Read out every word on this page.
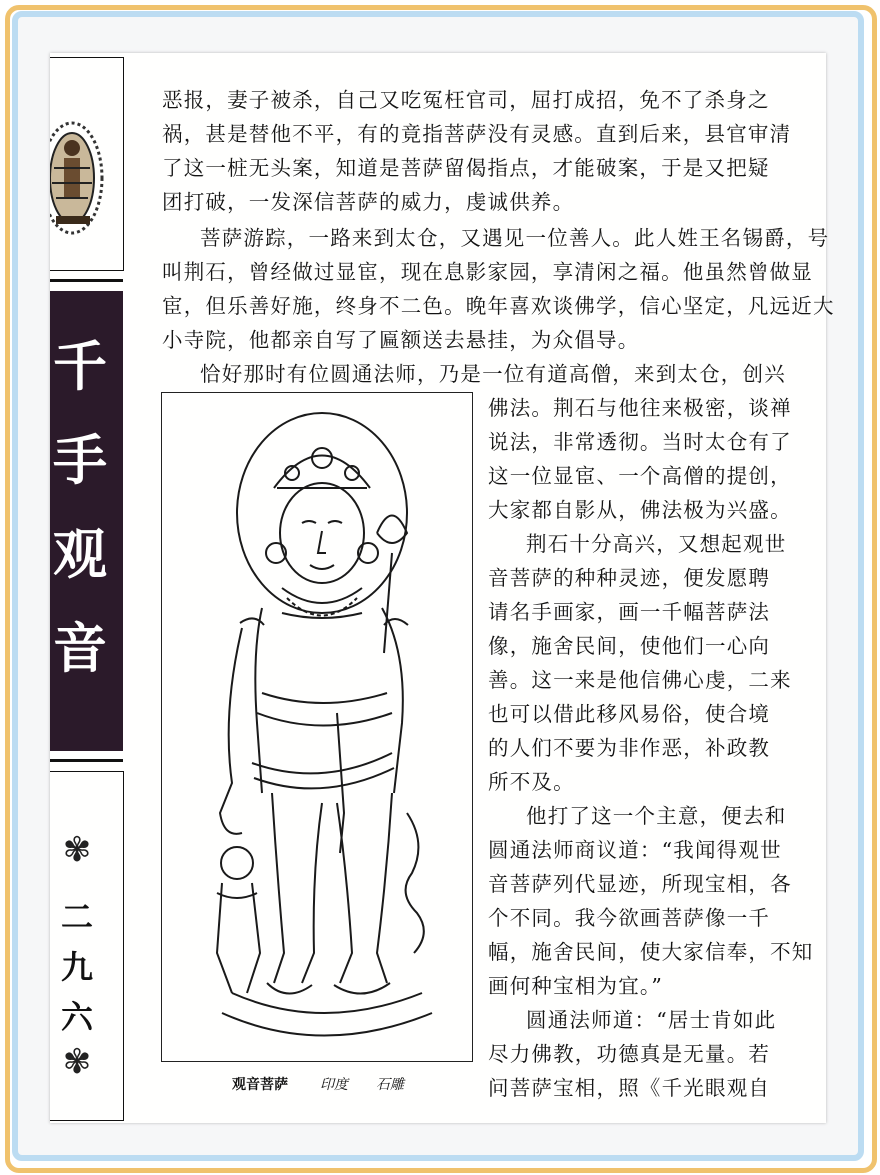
千
手
观
音
✾
二
九
六
✾
恶报，妻子被杀，自己又吃冤枉官司，屈打成招，免不了杀身之
祸，甚是替他不平，有的竟指菩萨没有灵感。直到后来，县官审清
了这一桩无头案，知道是菩萨留偈指点，才能破案，于是又把疑
团打破，一发深信菩萨的威力，虔诚供养。
菩萨游踪，一路来到太仓，又遇见一位善人。此人姓王名锡爵，号
叫荆石，曾经做过显宦，现在息影家园，享清闲之福。他虽然曾做显
宦，但乐善好施，终身不二色。晚年喜欢谈佛学，信心坚定，凡远近大
小寺院，他都亲自写了匾额送去悬挂，为众倡导。
恰好那时有位圆通法师，乃是一位有道高僧，来到太仓，创兴
佛法。荆石与他往来极密，谈禅
说法，非常透彻。当时太仓有了
这一位显宦、一个高僧的提创，
大家都自影从，佛法极为兴盛。
荆石十分高兴，又想起观世
音菩萨的种种灵迹，便发愿聘
请名手画家，画一千幅菩萨法
像，施舍民间，使他们一心向
善。这一来是他信佛心虔，二来
也可以借此移风易俗，使合境
的人们不要为非作恶，补政教
所不及。
他打了这一个主意，便去和
圆通法师商议道：“我闻得观世
音菩萨列代显迹，所现宝相，各
个不同。我今欲画菩萨像一千
幅，施舍民间，使大家信奉，不知
画何种宝相为宜。”
圆通法师道：“居士肯如此
尽力佛教，功德真是无量。若
问菩萨宝相，照《千光眼观自
观音菩萨 印度 石雕
